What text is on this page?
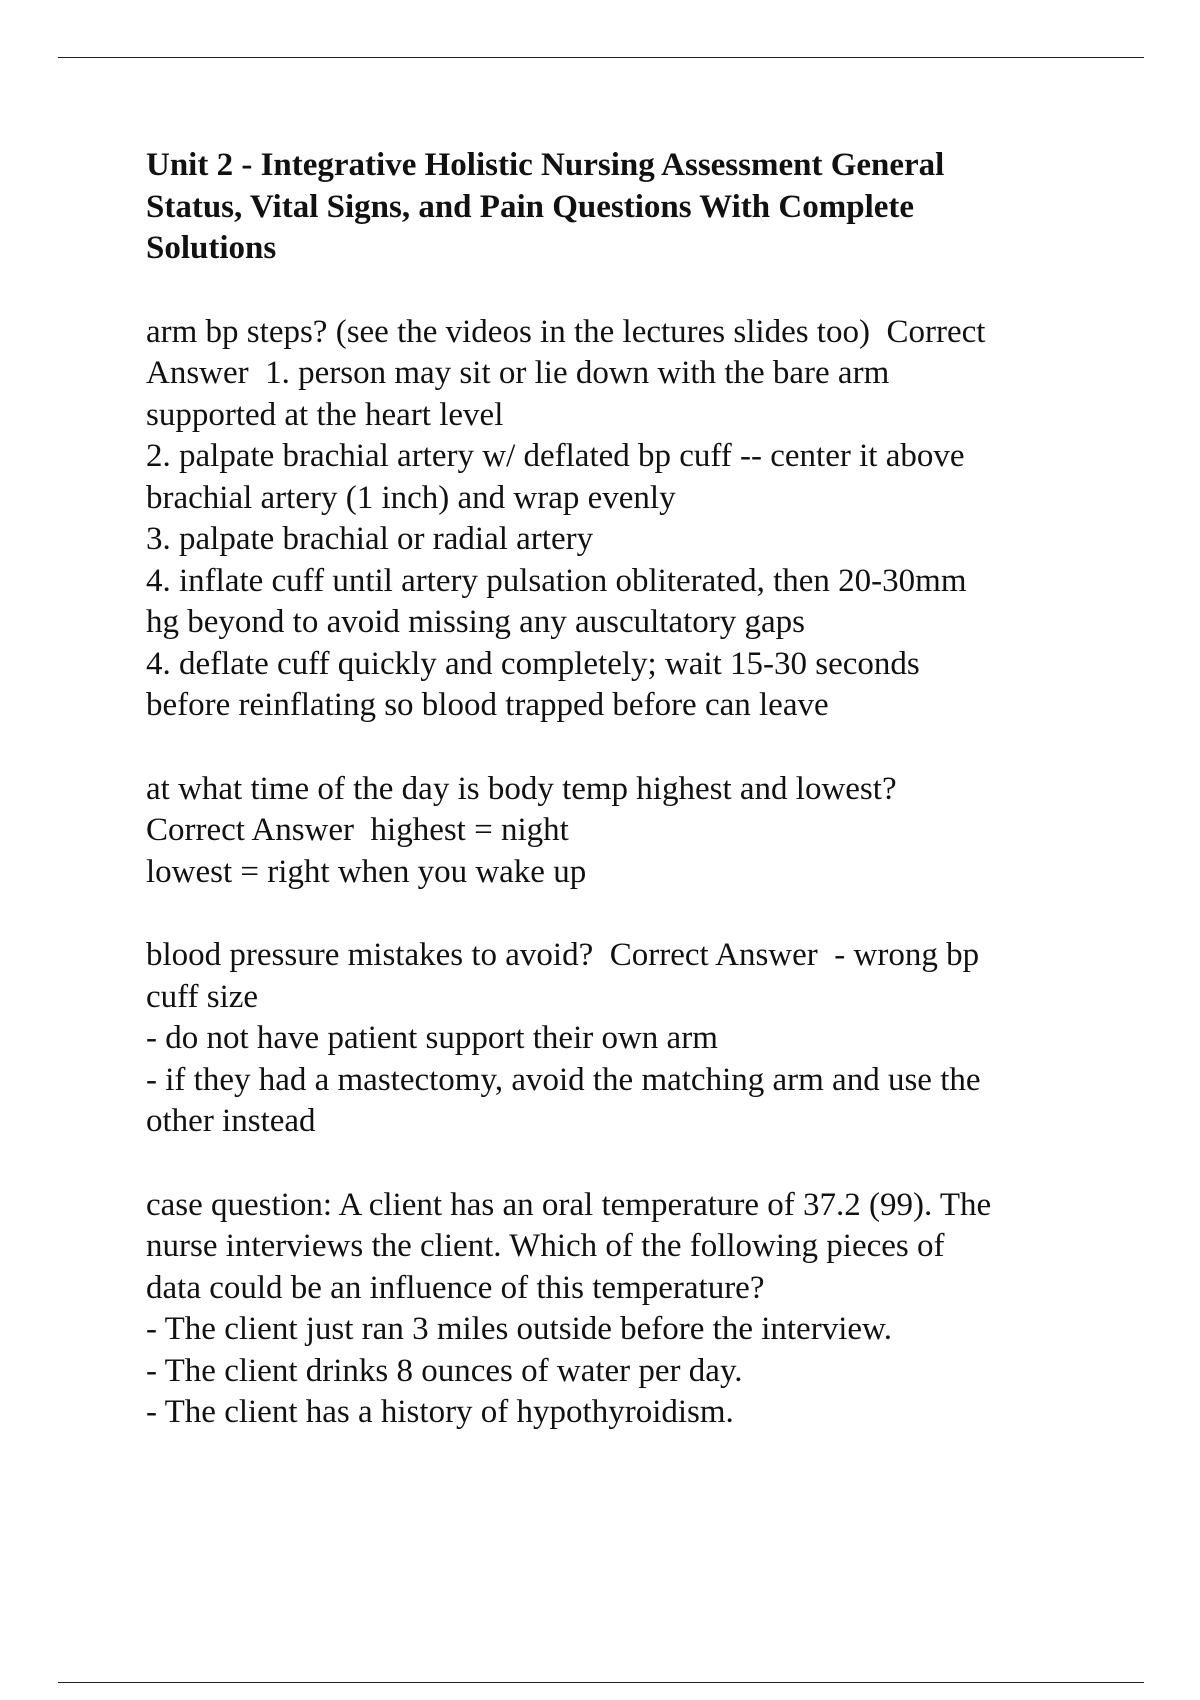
Unit 2 - Integrative Holistic Nursing Assessment General
Status, Vital Signs, and Pain Questions With Complete
Solutions
arm bp steps? (see the videos in the lectures slides too)  Correct
Answer  1. person may sit or lie down with the bare arm
supported at the heart level
2. palpate brachial artery w/ deflated bp cuff -- center it above
brachial artery (1 inch) and wrap evenly
3. palpate brachial or radial artery
4. inflate cuff until artery pulsation obliterated, then 20-30mm
hg beyond to avoid missing any auscultatory gaps
4. deflate cuff quickly and completely; wait 15-30 seconds
before reinflating so blood trapped before can leave
at what time of the day is body temp highest and lowest?
Correct Answer  highest = night
lowest = right when you wake up
blood pressure mistakes to avoid?  Correct Answer  - wrong bp
cuff size
- do not have patient support their own arm
- if they had a mastectomy, avoid the matching arm and use the
other instead
case question: A client has an oral temperature of 37.2 (99). The
nurse interviews the client. Which of the following pieces of
data could be an influence of this temperature?
- The client just ran 3 miles outside before the interview.
- The client drinks 8 ounces of water per day.
- The client has a history of hypothyroidism.
